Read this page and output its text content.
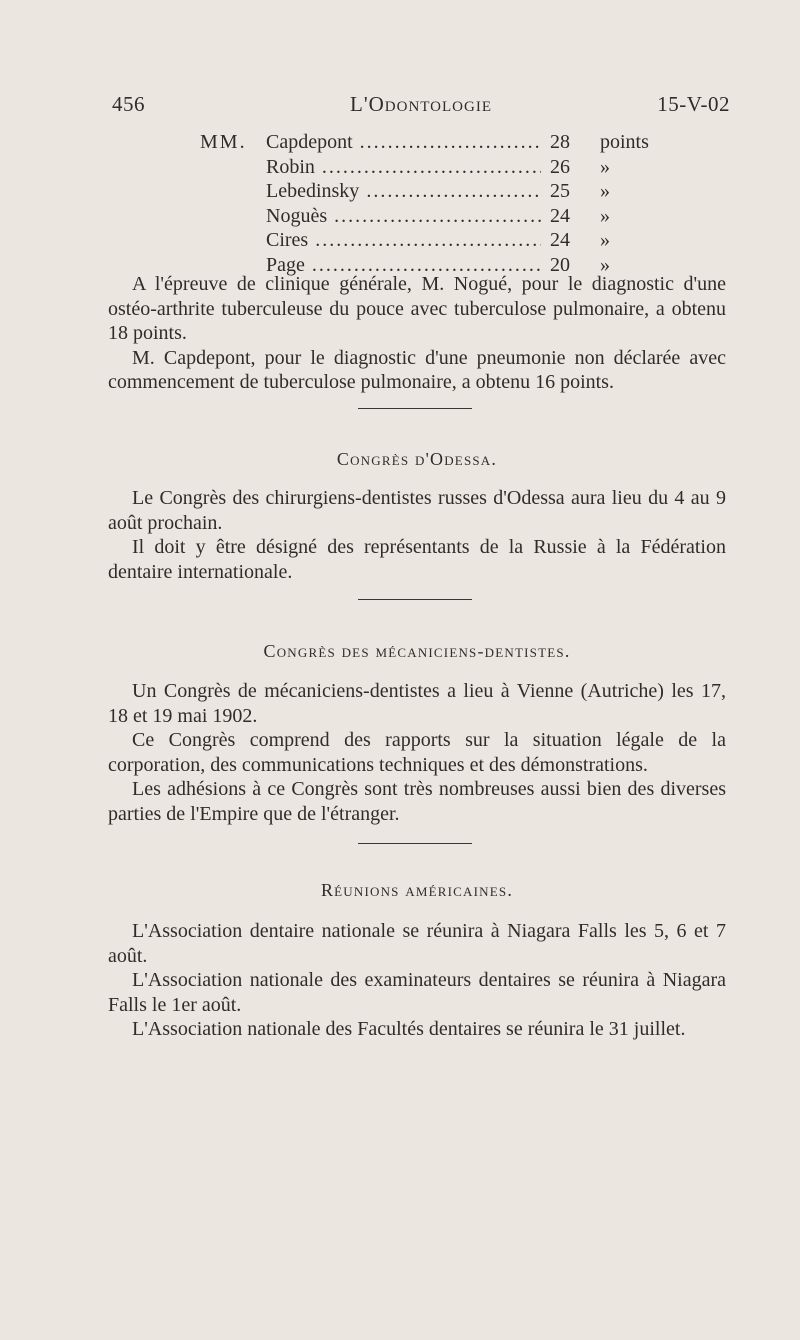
456	L'Odontologie	15-V-02
MM. Capdepont .....	28	points
Robin .....	26	»
Lebedinsky .....	25	»
Noguès .....	24	»
Cires .....	24	»
Page .....	20	»

A l'épreuve de clinique générale, M. Nogué, pour le diagnostic d'une ostéo-arthrite tuberculeuse du pouce avec tuberculose pulmonaire, a obtenu 18 points.

M. Capdepont, pour le diagnostic d'une pneumonie non déclarée avec commencement de tuberculose pulmonaire, a obtenu 16 points.

Congrès d'Odessa.

Le Congrès des chirurgiens-dentistes russes d'Odessa aura lieu du 4 au 9 août prochain.

Il doit y être désigné des représentants de la Russie à la Fédération dentaire internationale.

Congrès des mécaniciens-dentistes.

Un Congrès de mécaniciens-dentistes a lieu à Vienne (Autriche) les 17, 18 et 19 mai 1902.

Ce Congrès comprend des rapports sur la situation légale de la corporation, des communications techniques et des démonstrations.

Les adhésions à ce Congrès sont très nombreuses aussi bien des diverses parties de l'Empire que de l'étranger.

Réunions américaines.

L'Association dentaire nationale se réunira à Niagara Falls les 5, 6 et 7 août.

L'Association nationale des examinateurs dentaires se réunira à Niagara Falls le 1er août.

L'Association nationale des Facultés dentaires se réunira le 31 juillet.
